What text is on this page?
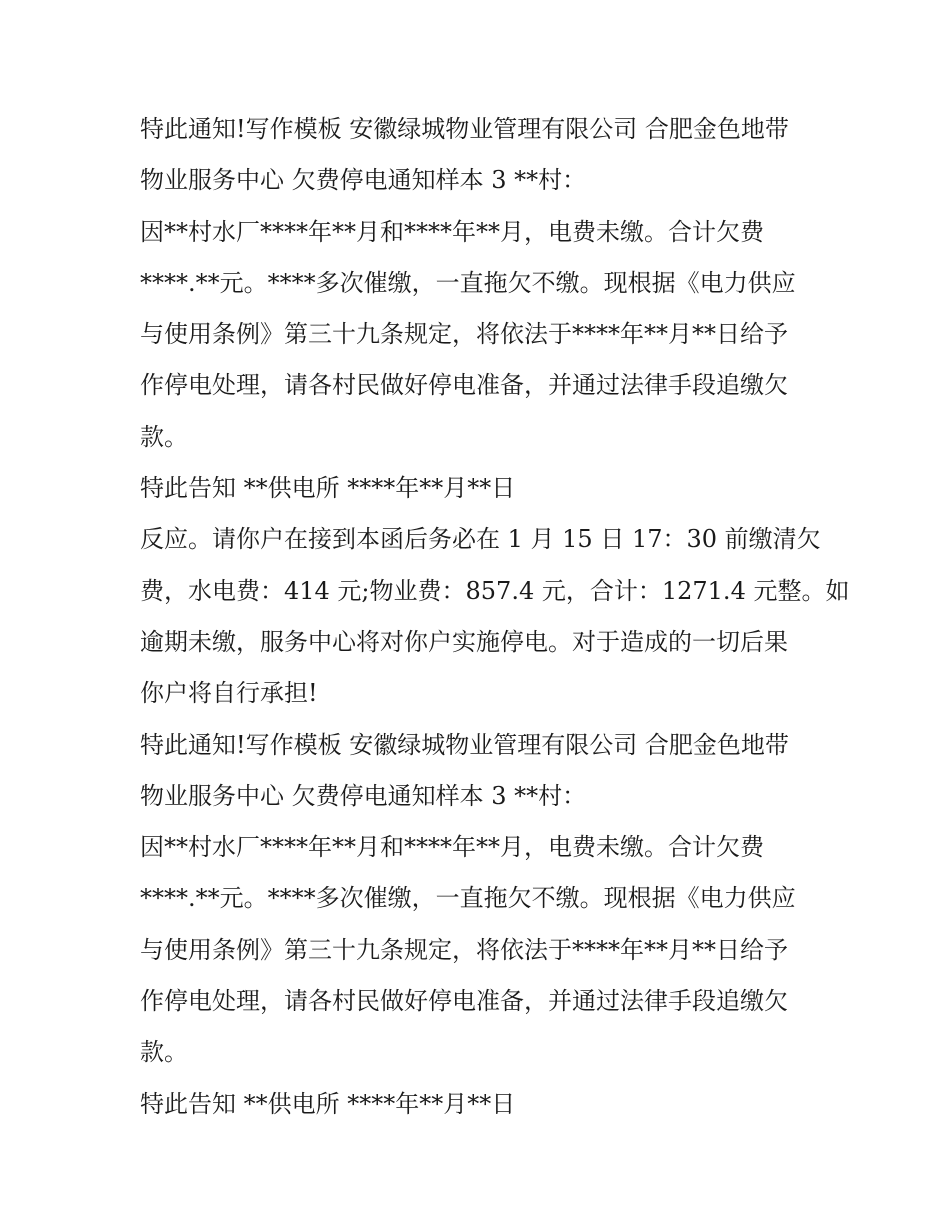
特此通知!写作模板 安徽绿城物业管理有限公司 合肥金色地带
物业服务中心 欠费停电通知样本 3 **村：
因**村水厂****年**月和****年**月，电费未缴。合计欠费
****.**元。****多次催缴，一直拖欠不缴。现根据《电力供应
与使用条例》第三十九条规定，将依法于****年**月**日给予
作停电处理，请各村民做好停电准备，并通过法律手段追缴欠
款。
特此告知 **供电所 ****年**月**日
反应。请你户在接到本函后务必在 1 月 15 日 17：30 前缴清欠
费，水电费：414 元;物业费：857.4 元，合计：1271.4 元整。如
逾期未缴，服务中心将对你户实施停电。对于造成的一切后果
你户将自行承担!
特此通知!写作模板 安徽绿城物业管理有限公司 合肥金色地带
物业服务中心 欠费停电通知样本 3 **村：
因**村水厂****年**月和****年**月，电费未缴。合计欠费
****.**元。****多次催缴，一直拖欠不缴。现根据《电力供应
与使用条例》第三十九条规定，将依法于****年**月**日给予
作停电处理，请各村民做好停电准备，并通过法律手段追缴欠
款。
特此告知 **供电所 ****年**月**日
